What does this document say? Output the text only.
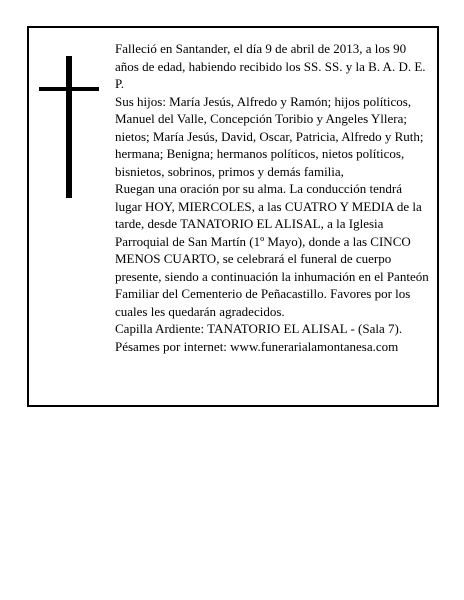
Falleció en Santander, el día 9 de abril de 2013, a los 90 años de edad, habiendo recibido los SS. SS. y la B. A. D. E. P.

Sus hijos: María Jesús, Alfredo y Ramón; hijos políticos, Manuel del Valle, Concepción Toribio y Angeles Yllera; nietos; María Jesús, David, Oscar, Patricia, Alfredo y Ruth; hermana; Benigna; hermanos políticos, nietos políticos, bisnietos, sobrinos, primos y demás familia,

Ruegan una oración por su alma. La conducción tendrá lugar HOY, MIERCOLES, a las CUATRO Y MEDIA de la tarde, desde TANATORIO EL ALISAL, a la Iglesia Parroquial de San Martín (1º Mayo), donde a las CINCO MENOS CUARTO, se celebrará el funeral de cuerpo presente, siendo a continuación la inhumación en el Panteón Familiar del Cementerio de Peñacastillo. Favores por los cuales les quedarán agradecidos.

Capilla Ardiente: TANATORIO EL ALISAL - (Sala 7).

Pésames por internet: www.funerarialamontanesa.com
